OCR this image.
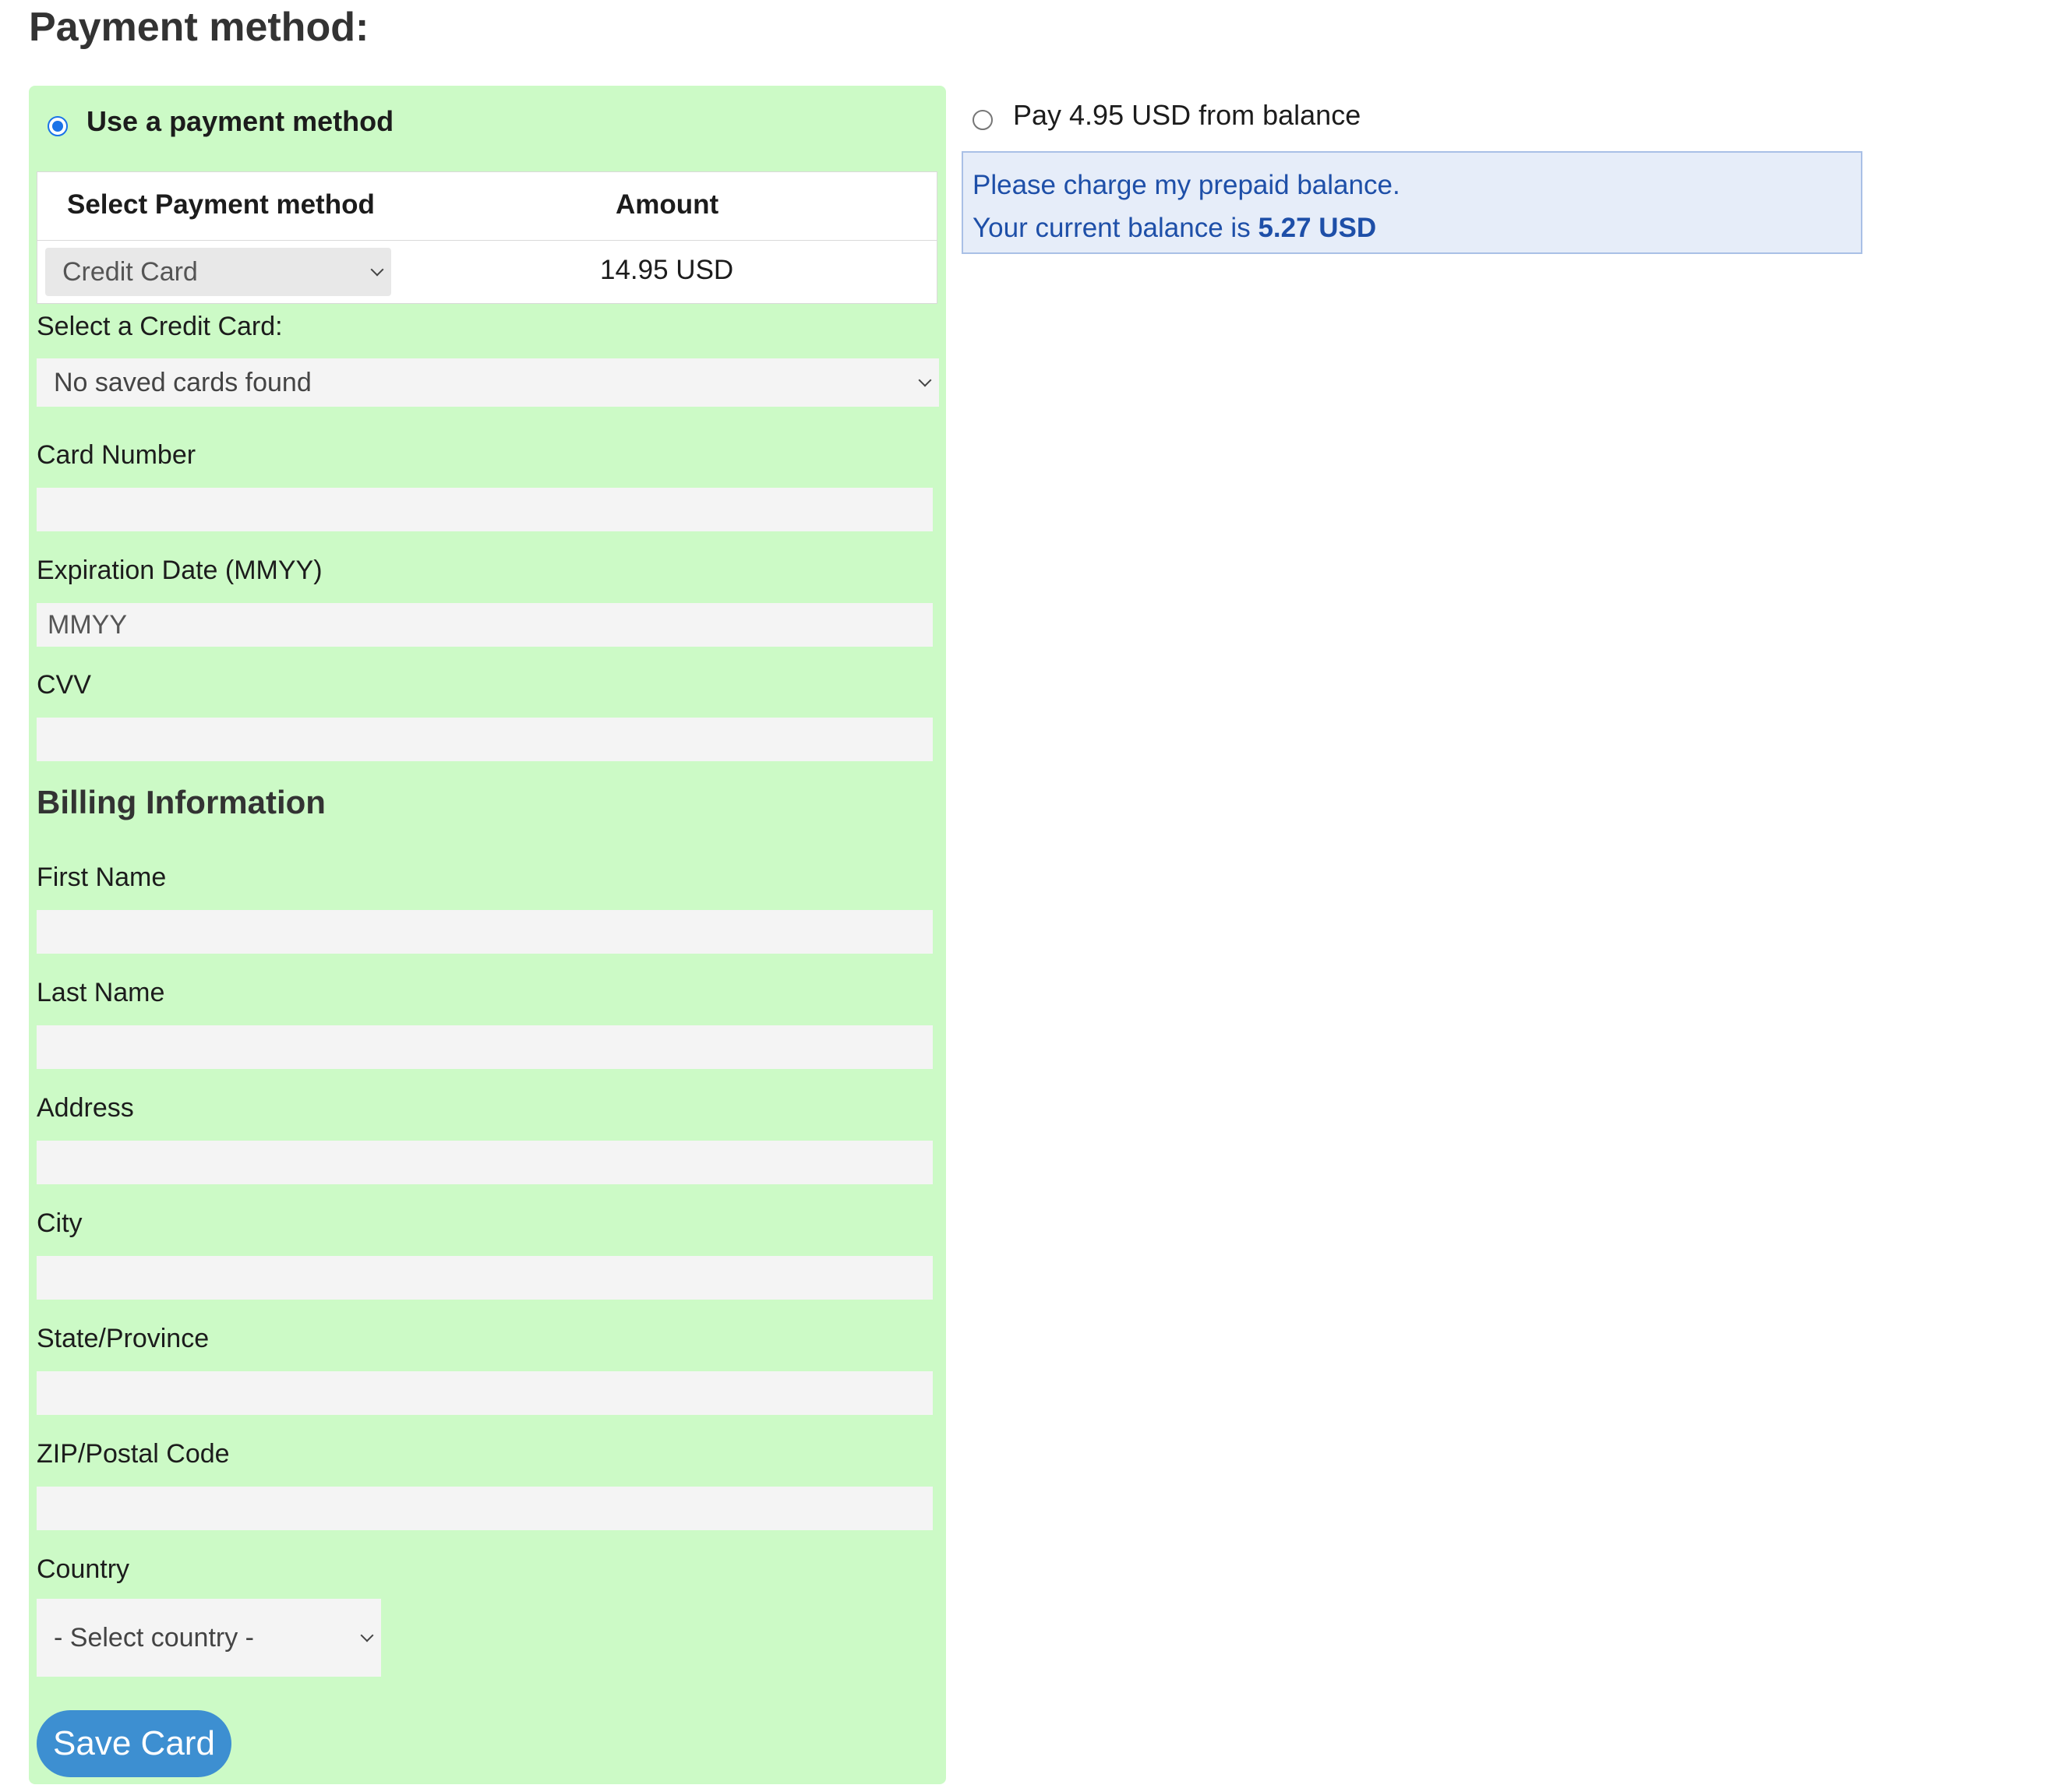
Payment method:
Use a payment method
Select Payment method	Amount
Credit Card	14.95 USD
Select a Credit Card:
No saved cards found
Card Number
Expiration Date (MMYY)
MMYY
CVV
Billing Information
First Name
Last Name
Address
City
State/Province
ZIP/Postal Code
Country
- Select country -
Save Card
Pay 4.95 USD from balance
Please charge my prepaid balance.
Your current balance is 5.27 USD
